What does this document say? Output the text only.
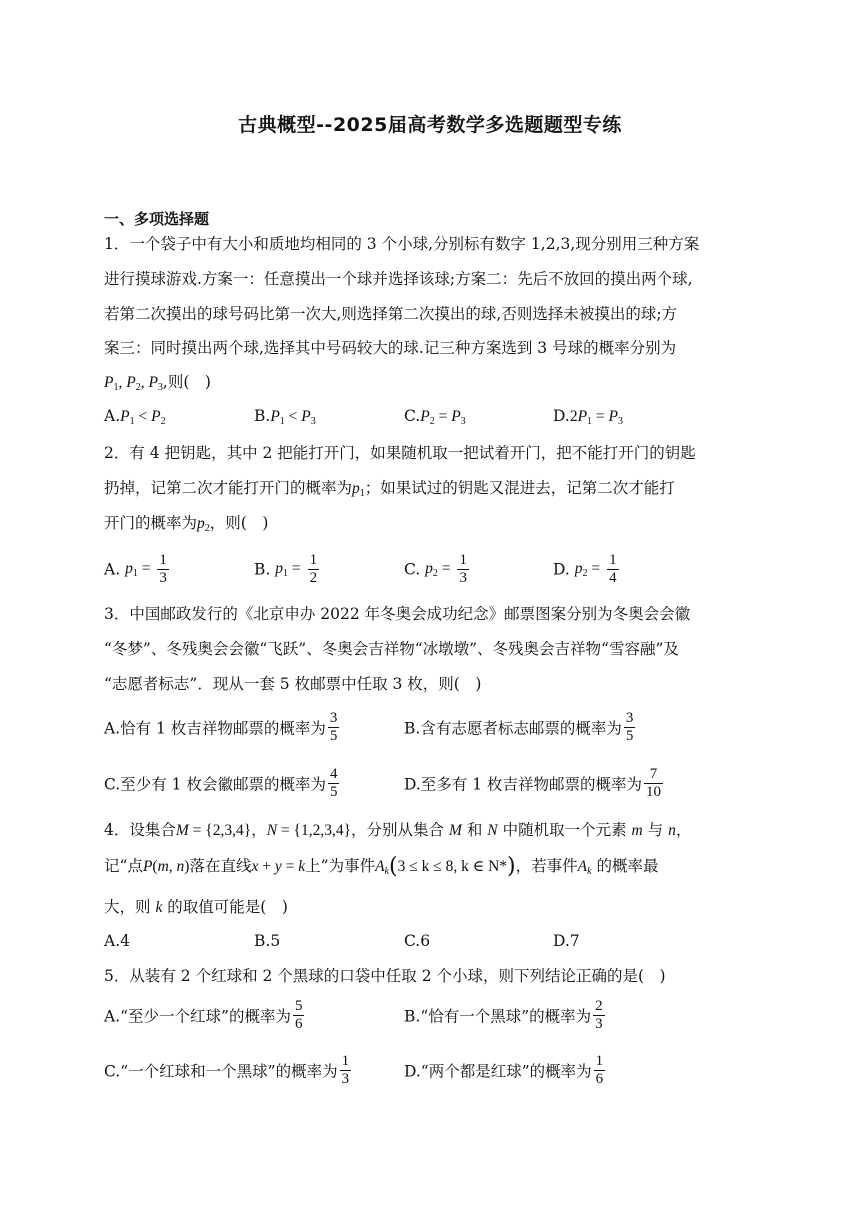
古典概型--2025届高考数学多选题题型专练
一、多项选择题
1．一个袋子中有大小和质地均相同的 3 个小球,分别标有数字 1,2,3,现分别用三种方案
进行摸球游戏.方案一：任意摸出一个球并选择该球;方案二：先后不放回的摸出两个球,
若第二次摸出的球号码比第一次大,则选择第二次摸出的球,否则选择未被摸出的球;方
案三：同时摸出两个球,选择其中号码较大的球.记三种方案选到 3 号球的概率分别为
$P_1$, $P_2$, $P_3$,则(　)
$A.P_1 < P_2$	$B.P_1 < P_3$	$C.P_2 = P_3$	$D.2P_1 = P_3$
2．有 4 把钥匙，其中 2 把能打开门，如果随机取一把试着开门，把不能打开门的钥匙
扔掉，记第二次才能打开门的概率为$p_1$；如果试过的钥匙又混进去，记第二次才能打
开门的概率为$p_2$，则(　)
A. $p_1 = \frac{1}{3}$	B. $p_1 = \frac{1}{2}$	C. $p_2 = \frac{1}{3}$	D. $p_2 = \frac{1}{4}$
3．中国邮政发行的《北京申办 2022 年冬奥会成功纪念》邮票图案分别为冬奥会会徽
“冬梦”、冬残奥会会徽“飞跃”、冬奥会吉祥物“冰墩墩”、冬残奥会吉祥物“雪容融”及
“志愿者标志”．现从一套 5 枚邮票中任取 3 枚，则(　)
A.恰有 1 枚吉祥物邮票的概率为 $\frac{3}{5}$	B.含有志愿者标志邮票的概率为 $\frac{3}{5}$
C.至少有 1 枚会徽邮票的概率为 $\frac{4}{5}$	D.至多有 1 枚吉祥物邮票的概率为 $\frac{7}{10}$
4．设集合M = {2,3,4}，N = {1,2,3,4}，分别从集合 M 和 N 中随机取一个元素 m 与 n，
记“点P(m, n)落在直线x + y = k上”为事件$A_k(3 \le k \le 8$, k ∈ N*)，若事件$A_k$ 的概率最
大，则 k 的取值可能是(　)
A.4	B.5	C.6	D.7
5．从装有 2 个红球和 2 个黑球的口袋中任取 2 个小球，则下列结论正确的是(　)
A.“至少一个红球”的概率为 $\frac{5}{6}$	B.“恰有一个黑球”的概率为 $\frac{2}{3}$
C.“一个红球和一个黑球”的概率为 $\frac{1}{3}$	D.“两个都是红球”的概率为 $\frac{1}{6}$
